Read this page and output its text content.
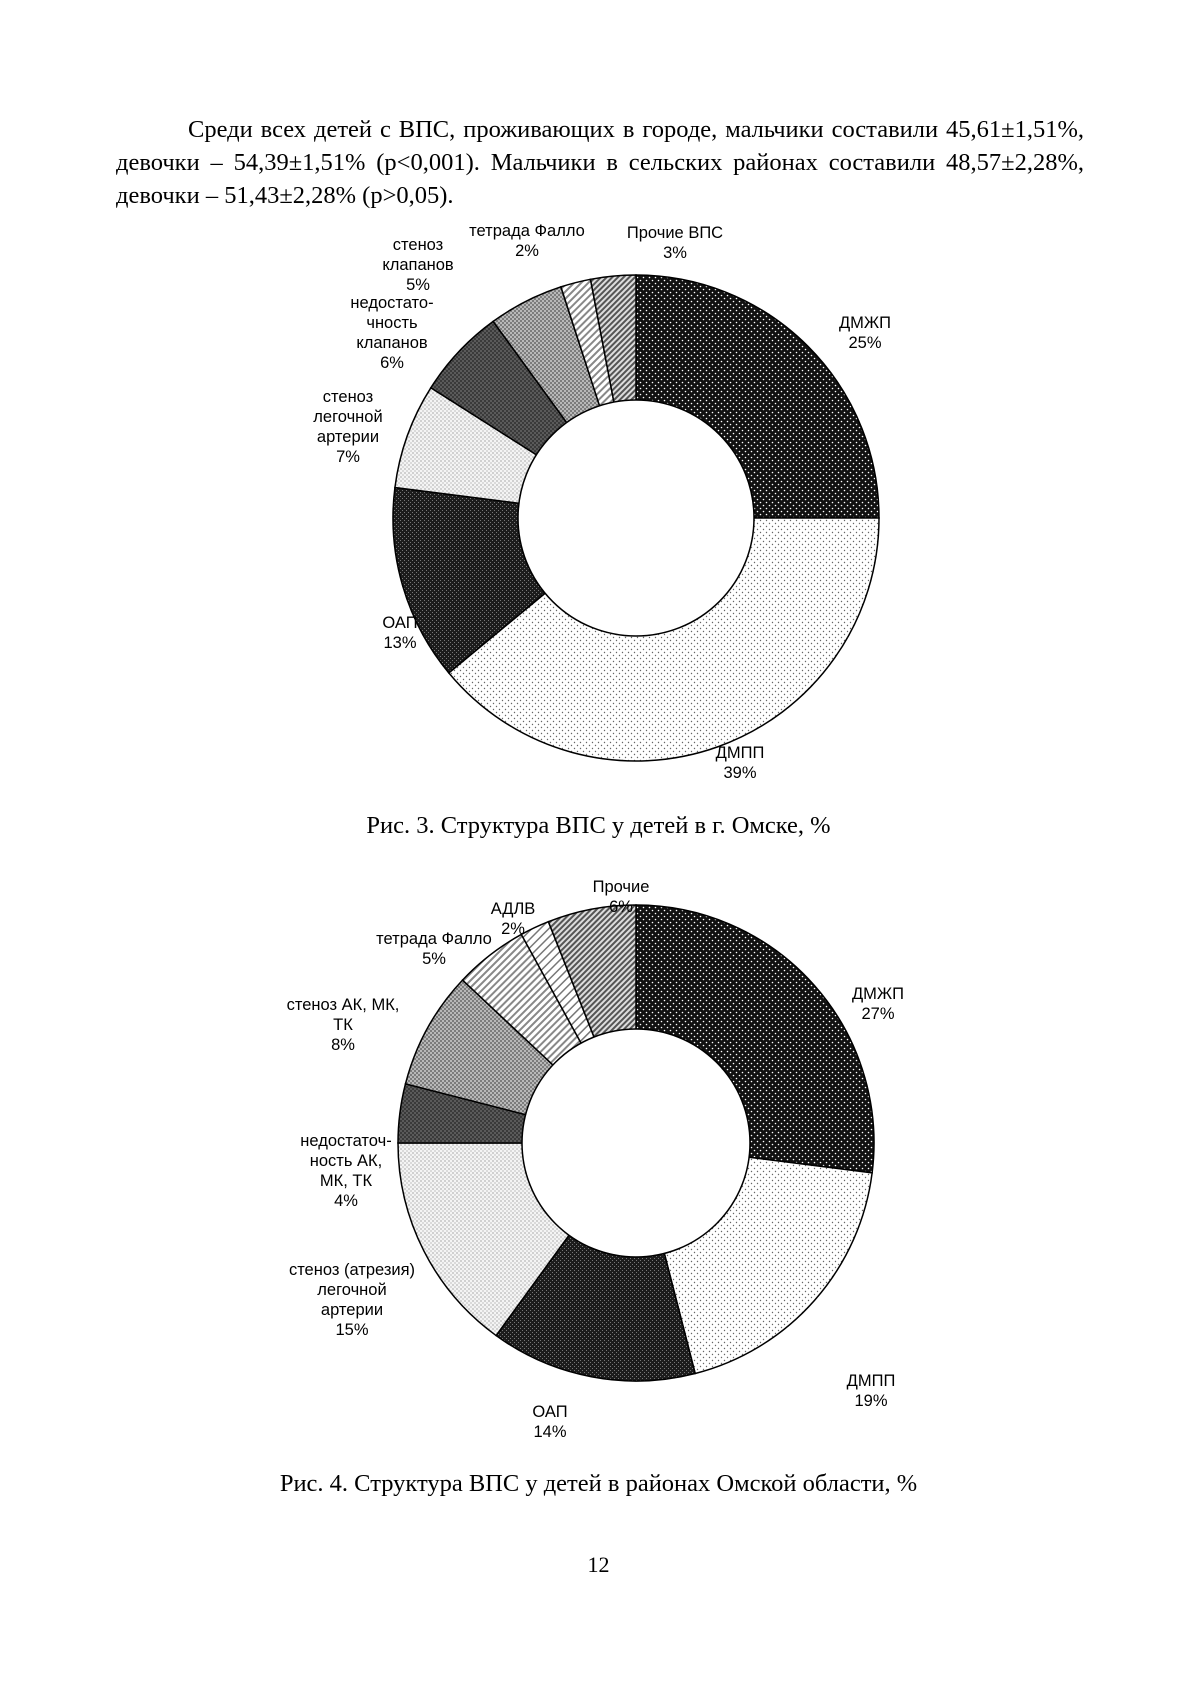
Среди всех детей с ВПС, проживающих в городе, мальчики составили 45,61±1,51%, девочки – 54,39±1,51% (p<0,001). Мальчики в сельских районах составили 48,57±2,28%, девочки – 51,43±2,28% (p>0,05).

ДМЖП 25%
ДМПП 39%
ОАП 13%
стеноз легочной артерии 7%
недостато-чность клапанов 6%
стеноз клапанов 5%
тетрада Фалло 2%
Прочие ВПС 3%
Рис. 3. Структура ВПС у детей в г. Омске, %
ДМЖП 27%
ДМПП 19%
ОАП 14%
стеноз (атрезия) легочной артерии 15%
недостаточ-ность АК, МК, ТК 4%
стеноз АК, МК, ТК 8%
тетрада Фалло 5%
АДЛВ 2%
Прочие 6%
Рис. 4. Структура ВПС у детей в районах Омской области, %
12
